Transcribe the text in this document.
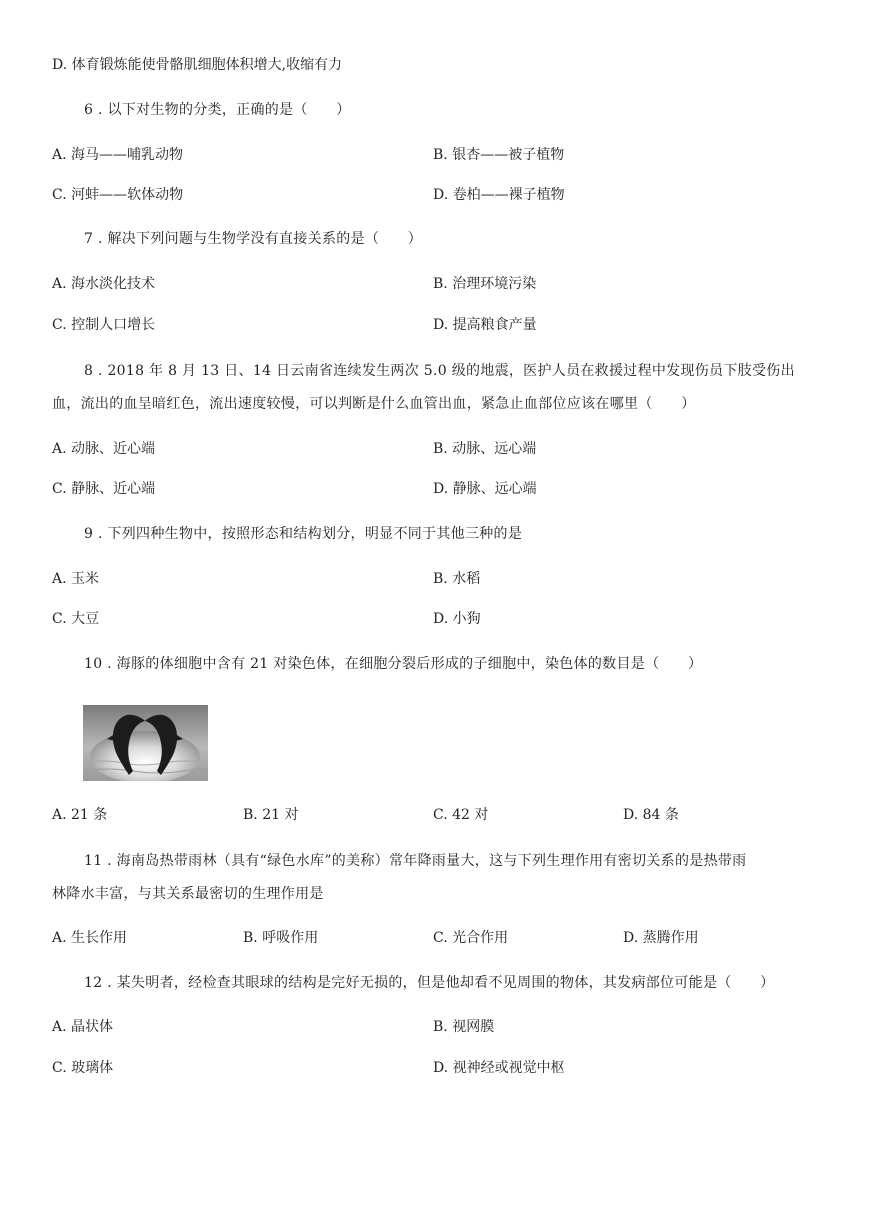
D. 体育锻炼能使骨骼肌细胞体积增大,收缩有力
6 . 以下对生物的分类，正确的是（　　）
A. 海马——哺乳动物	B. 银杏——被子植物
C. 河蚌——软体动物	D. 卷柏——裸子植物
7 . 解决下列问题与生物学没有直接关系的是（　　）
A. 海水淡化技术	B. 治理环境污染
C. 控制人口增长	D. 提高粮食产量
8 . 2018 年 8 月 13 日、14 日云南省连续发生两次 5.0 级的地震，医护人员在救援过程中发现伤员下肢受伤出
血，流出的血呈暗红色，流出速度较慢，可以判断是什么血管出血，紧急止血部位应该在哪里（　　）
A. 动脉、近心端	B. 动脉、远心端
C. 静脉、近心端	D. 静脉、远心端
9 . 下列四种生物中，按照形态和结构划分，明显不同于其他三种的是
A. 玉米	B. 水稻
C. 大豆	D. 小狗
10 . 海豚的体细胞中含有 21 对染色体，在细胞分裂后形成的子细胞中，染色体的数目是（　　）
A. 21 条	B. 21 对	C. 42 对	D. 84 条
11 . 海南岛热带雨林（具有“绿色水库”的美称）常年降雨量大，这与下列生理作用有密切关系的是热带雨
林降水丰富，与其关系最密切的生理作用是
A. 生长作用	B. 呼吸作用	C. 光合作用	D. 蒸腾作用
12 . 某失明者，经检查其眼球的结构是完好无损的，但是他却看不见周围的物体，其发病部位可能是（　　）
A. 晶状体	B. 视网膜
C. 玻璃体	D. 视神经或视觉中枢
